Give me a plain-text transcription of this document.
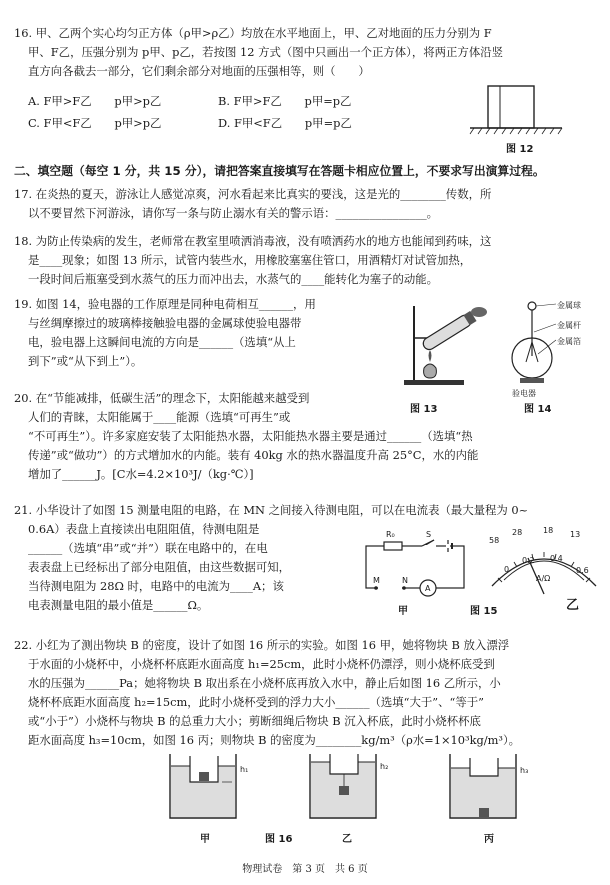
16. 甲、乙两个实心均匀正方体（ρ甲>ρ乙）均放在水平地面上，甲、乙对地面的压力分别为 F
甲、F乙，压强分别为 p甲、p乙，若按图 12 方式（图中只画出一个正方体），将两正方体沿竖
直方向各截去一部分，它们剩余部分对地面的压强相等，则（　　）
A. F甲>F乙　　p甲>p乙	B. F甲>F乙　　p甲=p乙
C. F甲<F乙　　p甲>p乙	D. F甲<F乙　　p甲=p乙
图 12
二、填空题（每空 1 分，共 15 分），请把答案直接填写在答题卡相应位置上，不要求写出演算过程。
17. 在炎热的夏天，游泳让人感觉凉爽，河水看起来比真实的要浅，这是光的________传数，所
以不要冒然下河游泳，请你写一条与防止溺水有关的警示语：________________。
18. 为防止传染病的发生，老师常在教室里喷洒消毒液，没有喷洒药水的地方也能闻到药味，这
是____现象；如图 13 所示，试管内装些水，用橡胶塞塞住管口，用酒精灯对试管加热，
一段时间后瓶塞受到水蒸气的压力而冲出去，水蒸气的____能转化为塞子的动能。
19. 如图 14，验电器的工作原理是同种电荷相互______，用
与丝绸摩擦过的玻璃棒接触验电器的金属球使验电器带
电，验电器上这瞬间电流的方向是______（选填“从上
到下”或“从下到上”）。
图 13
金属球
金属杆
金属箔
验电器
图 14
20. 在“节能减排，低碳生活”的理念下，太阳能越来越受到
人们的青睐，太阳能属于____能源（选填“可再生”或
“不可再生”）。许多家庭安装了太阳能热水器，太阳能热水器主要是通过______（选填“热
传递”或“做功”）的方式增加水的内能。装有 40kg 水的热水器温度升高 25°C，水的内能
增加了______J。[C水=4.2×10³J/（kg·℃）]
21. 小华设计了如图 15 测量电阻的电路，在 MN 之间接入待测电阻，可以在电流表（最大量程为 0~
0.6A）表盘上直接读出电阻阻值，待测电阻是
______（选填“串”或“并”）联在电路中的，在电
表表盘上已经标出了部分电阻值，由这些数据可知，
当待测电阻为 28Ω 时，电路中的电流为____A；该
电表测量电阻的最小值是______Ω。
R₀	S
M	N
A
甲	图 15
58
28	18 13
0
0.2 0.4
0.6
A/Ω
乙
22. 小红为了测出物块 B 的密度，设计了如图 16 所示的实验。如图 16 甲，她将物块 B 放入漂浮
于水面的小烧杯中，小烧杯杯底距水面高度 h₁=25cm，此时小烧杯仍漂浮，则小烧杯底受到
水的压强为______Pa；她将物块 B 取出系在小烧杯底再放入水中，静止后如图 16 乙所示，小
烧杯杯底距水面高度 h₂=15cm，此时小烧杯受到的浮力大小______（选填“大于”、“等于”
或“小于”）小烧杯与物块 B 的总重力大小；剪断细绳后物块 B 沉入杯底，此时小烧杯杯底
距水面高度 h₃=10cm，如图 16 丙；则物块 B 的密度为________kg/m³（ρ水=1×10³kg/m³）。
h₁	h₂	h₃
甲	图 16	乙	丙
物理试卷　第 3 页　共 6 页
